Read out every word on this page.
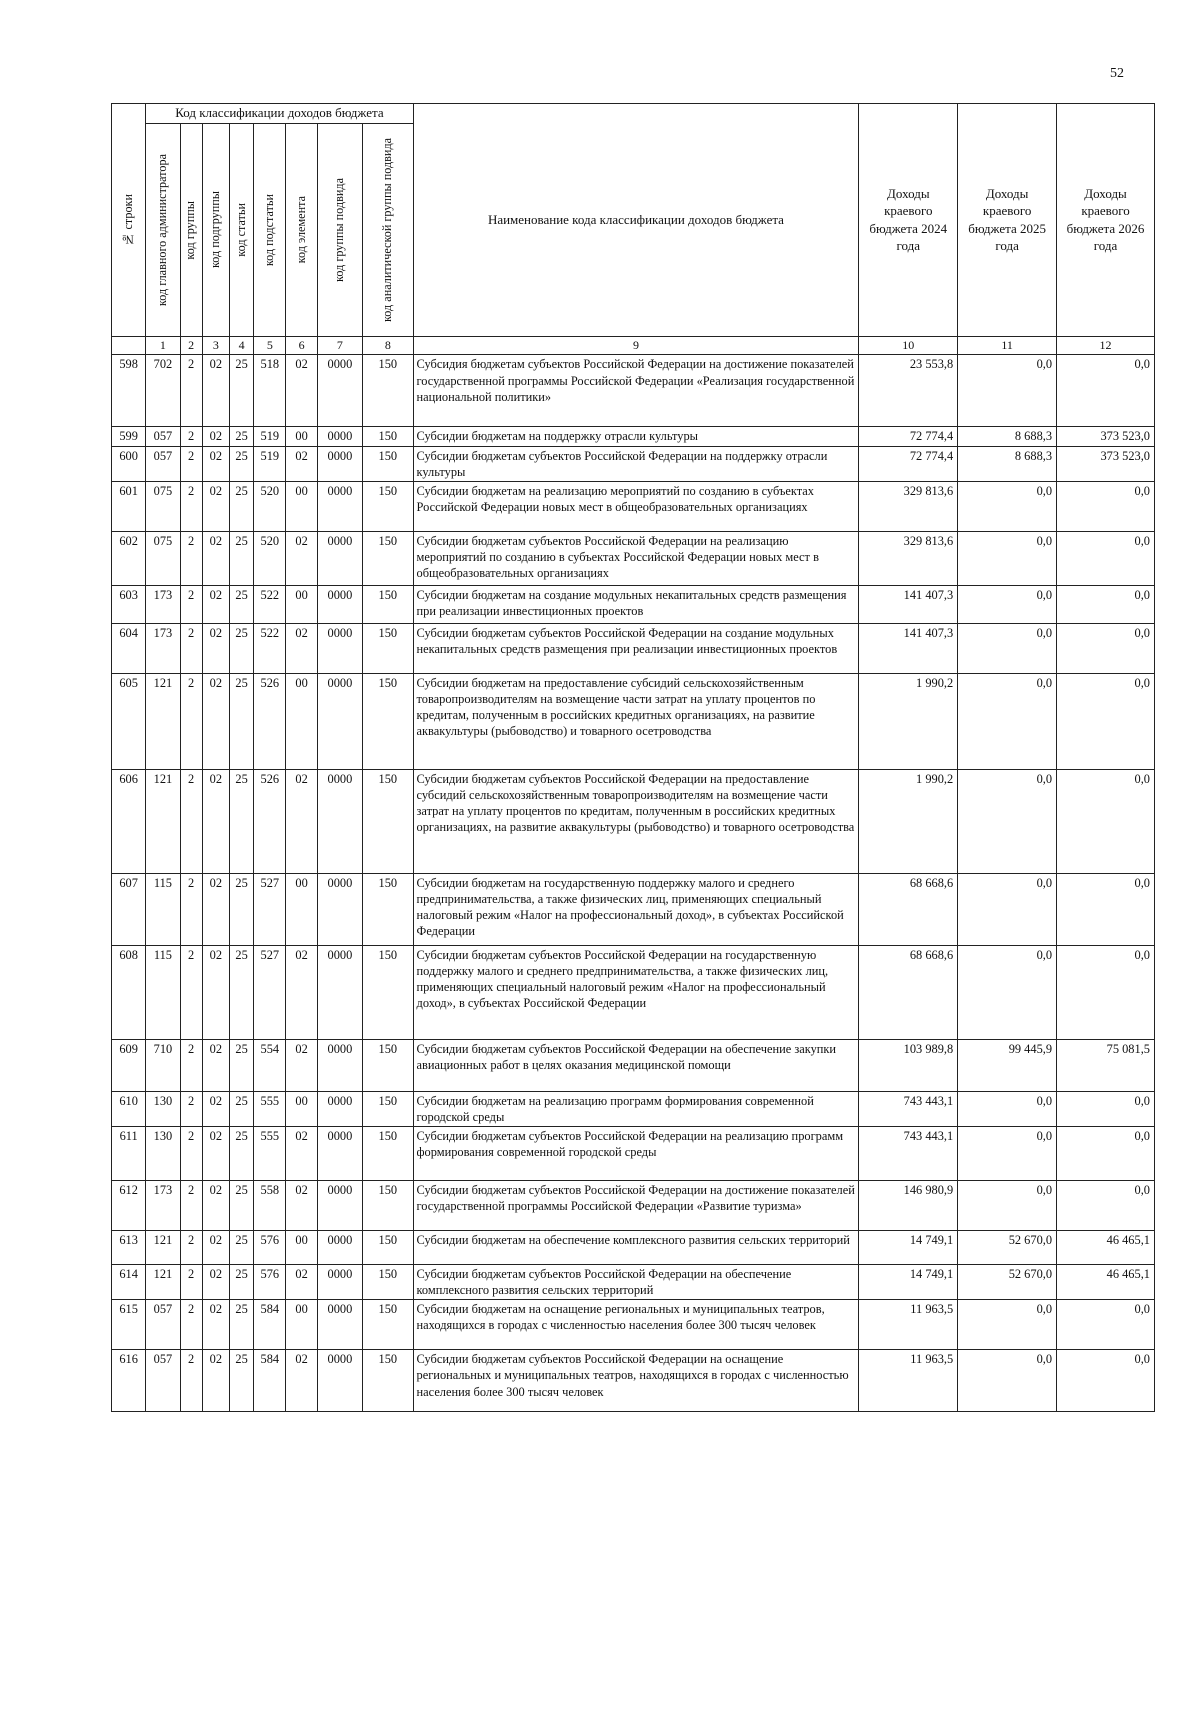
52
№ строки	Код классификации доходов бюджета								Наименование кода классификации доходов бюджета	Доходы краевого бюджета 2024 года	Доходы краевого бюджета 2025 года	Доходы краевого бюджета 2026 года

	код главного администратора	код группы	код подгруппы	код статьи	код подстатьи	код элемента	код группы подвида	код аналитической группы подвида				

	1	2	3	4	5	6	7	8	9	10	11	12
598	702	2	02	25	518	02	0000	150	Субсидия бюджетам субъектов Российской Федерации на достижение показателей государственной программы Российской Федерации «Реализация государственной национальной политики»	23 553,8	0,0	0,0
599	057	2	02	25	519	00	0000	150	Субсидии бюджетам на поддержку отрасли культуры	72 774,4	8 688,3	373 523,0
600	057	2	02	25	519	02	0000	150	Субсидии бюджетам субъектов Российской Федерации на поддержку отрасли культуры	72 774,4	8 688,3	373 523,0
601	075	2	02	25	520	00	0000	150	Субсидии бюджетам на реализацию мероприятий по созданию в субъектах Российской Федерации новых мест в общеобразовательных организациях	329 813,6	0,0	0,0
602	075	2	02	25	520	02	0000	150	Субсидии бюджетам субъектов Российской Федерации на реализацию мероприятий по созданию в субъектах Российской Федерации новых мест в общеобразовательных организациях	329 813,6	0,0	0,0
603	173	2	02	25	522	00	0000	150	Субсидии бюджетам на создание модульных некапитальных средств размещения при реализации инвестиционных проектов	141 407,3	0,0	0,0
604	173	2	02	25	522	02	0000	150	Субсидии бюджетам субъектов Российской Федерации на создание модульных некапитальных средств размещения при реализации инвестиционных проектов	141 407,3	0,0	0,0
605	121	2	02	25	526	00	0000	150	Субсидии бюджетам на предоставление субсидий сельскохозяйственным товаропроизводителям на возмещение части затрат на уплату процентов по кредитам, полученным в российских кредитных организациях, на развитие аквакультуры (рыбоводство) и товарного осетроводства	1 990,2	0,0	0,0
606	121	2	02	25	526	02	0000	150	Субсидии бюджетам субъектов Российской Федерации на предоставление субсидий сельскохозяйственным товаропроизводителям на возмещение части затрат на уплату процентов по кредитам, полученным в российских кредитных организациях, на развитие аквакультуры (рыбоводство) и товарного осетроводства	1 990,2	0,0	0,0
607	115	2	02	25	527	00	0000	150	Субсидии бюджетам на государственную поддержку малого и среднего предпринимательства, а также физических лиц, применяющих специальный налоговый режим «Налог на профессиональный доход», в субъектах Российской Федерации	68 668,6	0,0	0,0
608	115	2	02	25	527	02	0000	150	Субсидии бюджетам субъектов Российской Федерации на государственную поддержку малого и среднего предпринимательства, а также физических лиц, применяющих специальный налоговый режим «Налог на профессиональный доход», в субъектах Российской Федерации	68 668,6	0,0	0,0
609	710	2	02	25	554	02	0000	150	Субсидии бюджетам субъектов Российской Федерации на обеспечение закупки авиационных работ в целях оказания медицинской помощи	103 989,8	99 445,9	75 081,5
610	130	2	02	25	555	00	0000	150	Субсидии бюджетам на реализацию программ формирования современной городской среды	743 443,1	0,0	0,0
611	130	2	02	25	555	02	0000	150	Субсидии бюджетам субъектов Российской Федерации на реализацию программ формирования современной городской среды	743 443,1	0,0	0,0
612	173	2	02	25	558	02	0000	150	Субсидии бюджетам субъектов Российской Федерации на достижение показателей государственной программы Российской Федерации «Развитие туризма»	146 980,9	0,0	0,0
613	121	2	02	25	576	00	0000	150	Субсидии бюджетам на обеспечение комплексного развития сельских территорий	14 749,1	52 670,0	46 465,1
614	121	2	02	25	576	02	0000	150	Субсидии бюджетам субъектов Российской Федерации на обеспечение комплексного развития сельских территорий	14 749,1	52 670,0	46 465,1
615	057	2	02	25	584	00	0000	150	Субсидии бюджетам на оснащение региональных и муниципальных театров, находящихся в городах с численностью населения более 300 тысяч человек	11 963,5	0,0	0,0
616	057	2	02	25	584	02	0000	150	Субсидии бюджетам субъектов Российской Федерации на оснащение региональных и муниципальных театров, находящихся в городах с численностью населения более 300 тысяч человек	11 963,5	0,0	0,0
